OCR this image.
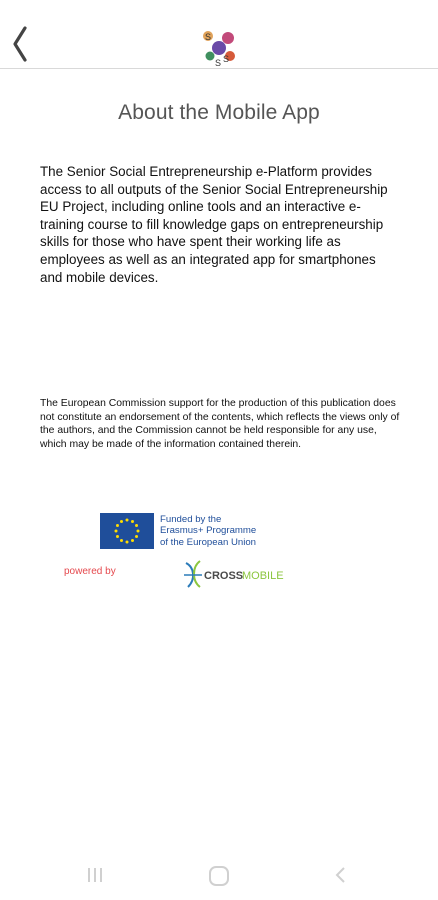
S
S
S
About the Mobile App
The Senior Social Entrepreneurship e-Platform provides access to all outputs of the Senior Social Entrepreneurship EU Project, including online tools and an interactive e-training course to fill knowledge gaps on entrepreneurship skills for those who have spent their working life as employees as well as an integrated app for smartphones and mobile devices.
The European Commission support for the production of this publication does not constitute an endorsement of the contents, which reflects the views only of the authors, and the Commission cannot be held responsible for any use, which may be made of the information contained therein.
Funded by the
Erasmus+ Programme
of the European Union
powered by	CROSS
MOBILE
